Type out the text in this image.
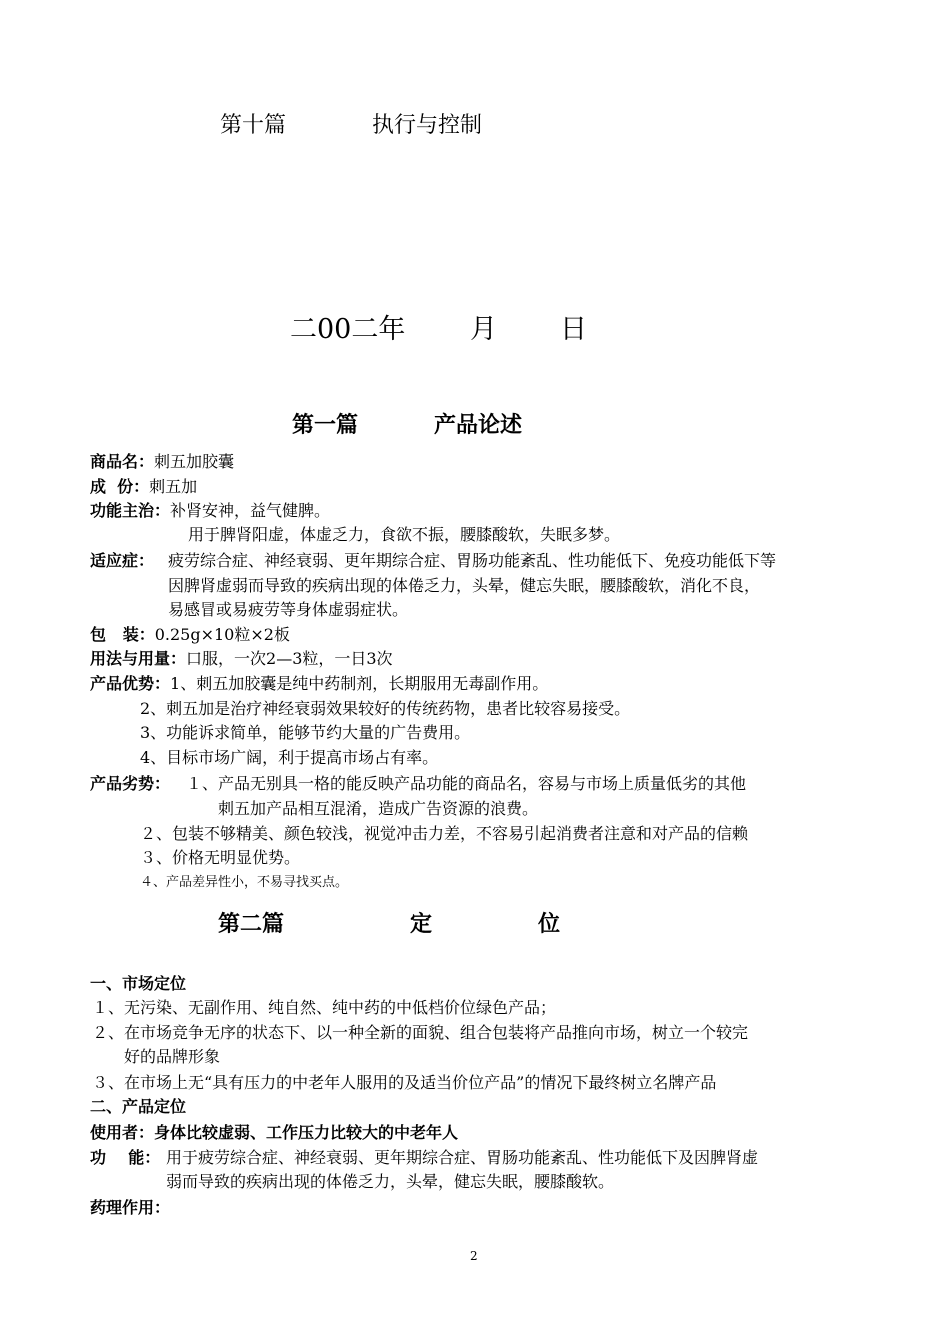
第十篇	执行与控制
二00二年 月 日
第一篇	产品论述
商品名：刺五加胶囊
成  份：刺五加
功能主治：补肾安神，益气健脾。
用于脾肾阳虚，体虚乏力，食欲不振，腰膝酸软，失眠多梦。
适应症： 疲劳综合症、神经衰弱、更年期综合症、胃肠功能紊乱、性功能低下、免疫功能低下等
因脾肾虚弱而导致的疾病出现的体倦乏力，头晕，健忘失眠，腰膝酸软，消化不良，
易感冒或易疲劳等身体虚弱症状。
包   装：0.25g×10粒×2板
用法与用量：口服，一次2—3粒，一日3次
产品优势：1、刺五加胶囊是纯中药制剂，长期服用无毒副作用。
2、刺五加是治疗神经衰弱效果较好的传统药物，患者比较容易接受。
3、功能诉求简单，能够节约大量的广告费用。
4、目标市场广阔，利于提高市场占有率。
产品劣势： １、产品无别具一格的能反映产品功能的商品名，容易与市场上质量低劣的其他
刺五加产品相互混淆，造成广告资源的浪费。
２、包装不够精美、颜色较浅，视觉冲击力差，不容易引起消费者注意和对产品的信赖
３、价格无明显优势。
４、产品差异性小，不易寻找买点。
第二篇	定	位
一、市场定位
１、无污染、无副作用、纯自然、纯中药的中低档价位绿色产品；
２、在市场竞争无序的状态下、以一种全新的面貌、组合包装将产品推向市场，树立一个较完
好的品牌形象
３、在市场上无“具有压力的中老年人服用的及适当价位产品”的情况下最终树立名牌产品
二、产品定位
使用者：身体比较虚弱、工作压力比较大的中老年人
功    能： 用于疲劳综合症、神经衰弱、更年期综合症、胃肠功能紊乱、性功能低下及因脾肾虚
弱而导致的疾病出现的体倦乏力，头晕，健忘失眠，腰膝酸软。
药理作用：
2
